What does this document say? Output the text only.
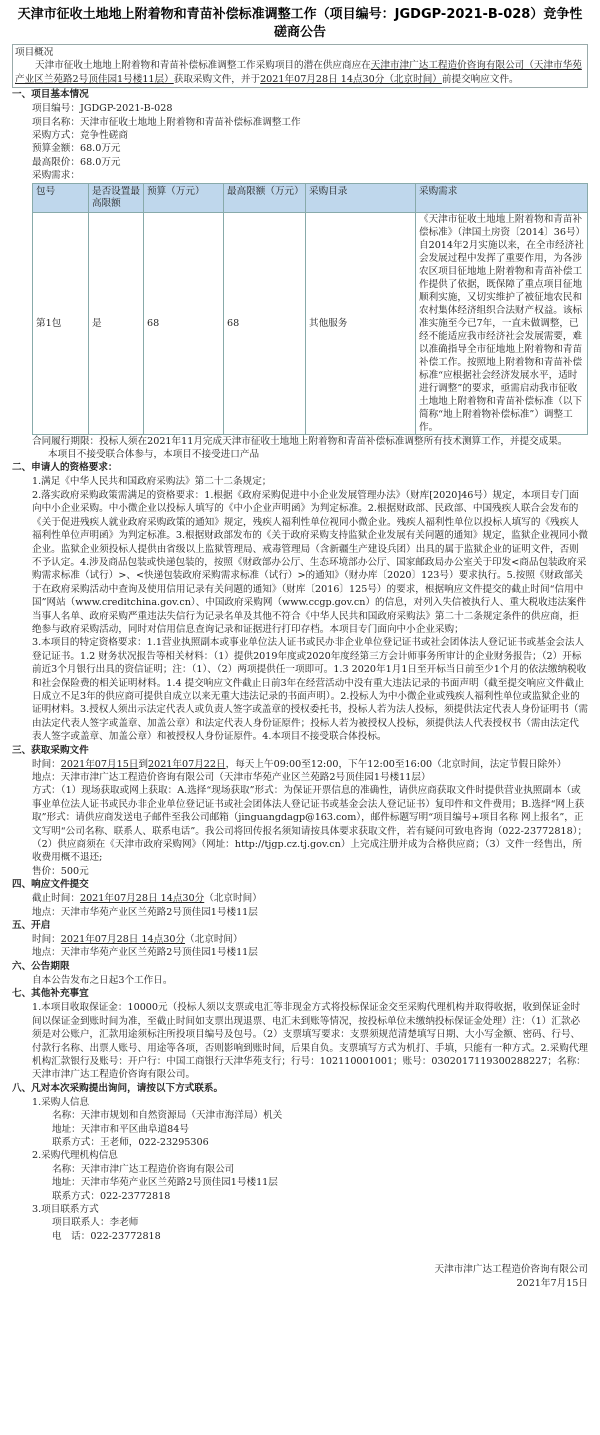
天津市征收土地地上附着物和青苗补偿标准调整工作（项目编号：JGDGP-2021-B-028）竞争性磋商公告

项目概况

天津市征收土地地上附着物和青苗补偿标准调整工作采购项目的潜在供应商应在天津市津广达工程造价咨询有限公司（天津市华苑产业区兰苑路2号顶佳园1号楼11层）获取采购文件，并于2021年07月28日 14点30分（北京时间）前提交响应文件。

一、项目基本情况

项目编号：JGDGP-2021-B-028

项目名称：天津市征收土地地上附着物和青苗补偿标准调整工作

采购方式：竞争性磋商

预算金额：68.0万元

最高限价：68.0万元

采购需求：

包号	是否设置最高限额	预算（万元）	最高限额（万元）	采购目录	采购需求
第1包	是	68	68	其他服务	《天津市征收土地地上附着物和青苗补偿标准》（津国土房资〔2014〕36号）自2014年2月实施以来，在全市经济社会发展过程中发挥了重要作用，为各涉农区项目征地地上附着物和青苗补偿工作提供了依据，既保障了重点项目征地顺利实施，又切实维护了被征地农民和农村集体经济组织合法财产权益。该标准实施至今已7年，一直未做调整，已经不能适应我市经济社会发展需要，难以准确指导全市征地地上附着物和青苗补偿工作。按照地上附着物和青苗补偿标准“应根据社会经济发展水平，适时进行调整”的要求，亟需启动我市征收土地地上附着物和青苗补偿标准（以下简称“地上附着物补偿标准”）调整工作。

合同履行期限：投标人须在2021年11月完成天津市征收土地地上附着物和青苗补偿标准调整所有技术测算工作，并提交成果。

本项目不接受联合体参与，本项目不接受进口产品

二、申请人的资格要求：

1.满足《中华人民共和国政府采购法》第二十二条规定；

2.落实政府采购政策需满足的资格要求：1.根据《政府采购促进中小企业发展管理办法》（财库[2020]46号）规定，本项目专门面向中小企业采购。中小微企业以投标人填写的《中小企业声明函》为判定标准。2.根据财政部、民政部、中国残疾人联合会发布的《关于促进残疾人就业政府采购政策的通知》规定，残疾人福利性单位视同小微企业。残疾人福利性单位以投标人填写的《残疾人福利性单位声明函》为判定标准。3.根据财政部发布的《关于政府采购支持监狱企业发展有关问题的通知》规定，监狱企业视同小微企业。监狱企业须投标人提供由省级以上监狱管理局、戒毒管理局（含新疆生产建设兵团）出具的属于监狱企业的证明文件，否则不予认定。4.涉及商品包装或快递包装的，按照《财政部办公厅、生态环境部办公厅、国家邮政局办公室关于印发<商品包装政府采购需求标准（试行）>、<快递包装政府采购需求标准（试行）>的通知》（财办库〔2020〕123号）要求执行。5.按照《财政部关于在政府采购活动中查询及使用信用记录有关问题的通知》（财库〔2016〕125号）的要求，根据响应文件提交的截止时间“信用中国”网站（www.creditchina.gov.cn）、中国政府采购网（www.ccgp.gov.cn）的信息，对列入失信被执行人、重大税收违法案件当事人名单、政府采购严重违法失信行为记录名单及其他不符合《中华人民共和国政府采购法》第二十二条规定条件的供应商，拒绝参与政府采购活动，同时对信用信息查询记录和证据进行打印存档。本项目专门面向中小企业采购；

3.本项目的特定资格要求：1.1营业执照副本或事业单位法人证书或民办非企业单位登记证书或社会团体法人登记证书或基金会法人登记证书。1.2 财务状况报告等相关材料：（1）提供2019年度或2020年度经第三方会计师事务所审计的企业财务报告；（2）开标前近3个月银行出具的资信证明；注：（1）、（2）两项提供任一项即可。1.3 2020年1月1日至开标当日前至少1个月的依法缴纳税收和社会保险费的相关证明材料。1.4 提交响应文件截止日前3年在经营活动中没有重大违法记录的书面声明（截至提交响应文件截止日成立不足3年的供应商可提供自成立以来无重大违法记录的书面声明）。2.投标人为中小微企业或残疾人福利性单位或监狱企业的证明材料。3.授权人须出示法定代表人或负责人签字或盖章的授权委托书，投标人若为法人投标，须提供法定代表人身份证明书（需由法定代表人签字或盖章、加盖公章）和法定代表人身份证原件；投标人若为被授权人投标，须提供法人代表授权书（需由法定代表人签字或盖章、加盖公章）和被授权人身份证原件。4.本项目不接受联合体投标。

三、获取采购文件

时间：2021年07月15日到2021年07月22日，每天上午09:00至12:00，下午12:00至16:00（北京时间，法定节假日除外）

地点：天津市津广达工程造价咨询有限公司（天津市华苑产业区兰苑路2号顶佳园1号楼11层）

方式：（1）现场获取或网上获取：A.选择“现场获取”形式：为保证开票信息的准确性，请供应商获取文件时提供营业执照副本（或事业单位法人证书或民办非企业单位登记证书或社会团体法人登记证书或基金会法人登记证书）复印件和文件费用；B.选择“网上获取”形式：请供应商发送电子邮件至我公司邮箱（jinguangdagp@163.com），邮件标题写明“项目编号+项目名称 网上报名”，正文写明“公司名称、联系人、联系电话”。我公司将回传报名须知请按具体要求获取文件，若有疑问可致电咨询（022-23772818）；（2）供应商须在《天津市政府采购网》（网址：http://tjgp.cz.tj.gov.cn）上完成注册并成为合格供应商；（3）文件一经售出，所收费用概不退还;

售价：500元

四、响应文件提交

截止时间：2021年07月28日 14点30分（北京时间）

地点：天津市华苑产业区兰苑路2号顶佳园1号楼11层

五、开启

时间：2021年07月28日 14点30分（北京时间）

地点：天津市华苑产业区兰苑路2号顶佳园1号楼11层

六、公告期限

自本公告发布之日起3个工作日。

七、其他补充事宜

1.本项目收取保证金：10000元（投标人须以支票或电汇等非现金方式将投标保证金交至采购代理机构并取得收据，收到保证金时间以保证金到账时间为准，至截止时间如支票出现退票、电汇未到账等情况，按投标单位未缴纳投标保证金处理）注：（1）汇款必须是对公账户，汇款用途须标注所投项目编号及包号。（2）支票填写要求：支票须规范清楚填写日期、大小写金额、密码、行号、付款行名称、出票人账号、用途等各项，否则影响到账时间，后果自负。支票填写方式为机打、手填，只能有一种方式。2.采购代理机构汇款银行及账号：开户行：中国工商银行天津华苑支行；行号：102110001001；账号：0302017119300288227；名称：天津市津广达工程造价咨询有限公司。

八、凡对本次采购提出询问，请按以下方式联系。

1.采购人信息

名称：天津市规划和自然资源局（天津市海洋局）机关

地址：天津市和平区曲阜道84号

联系方式：王老师，022-23295306

2.采购代理机构信息

名称：天津市津广达工程造价咨询有限公司

地址：天津市华苑产业区兰苑路2号顶佳园1号楼11层

联系方式：022-23772818

3.项目联系方式

项目联系人：李老师

电　话：022-23772818

天津市津广达工程造价咨询有限公司

2021年7月15日
